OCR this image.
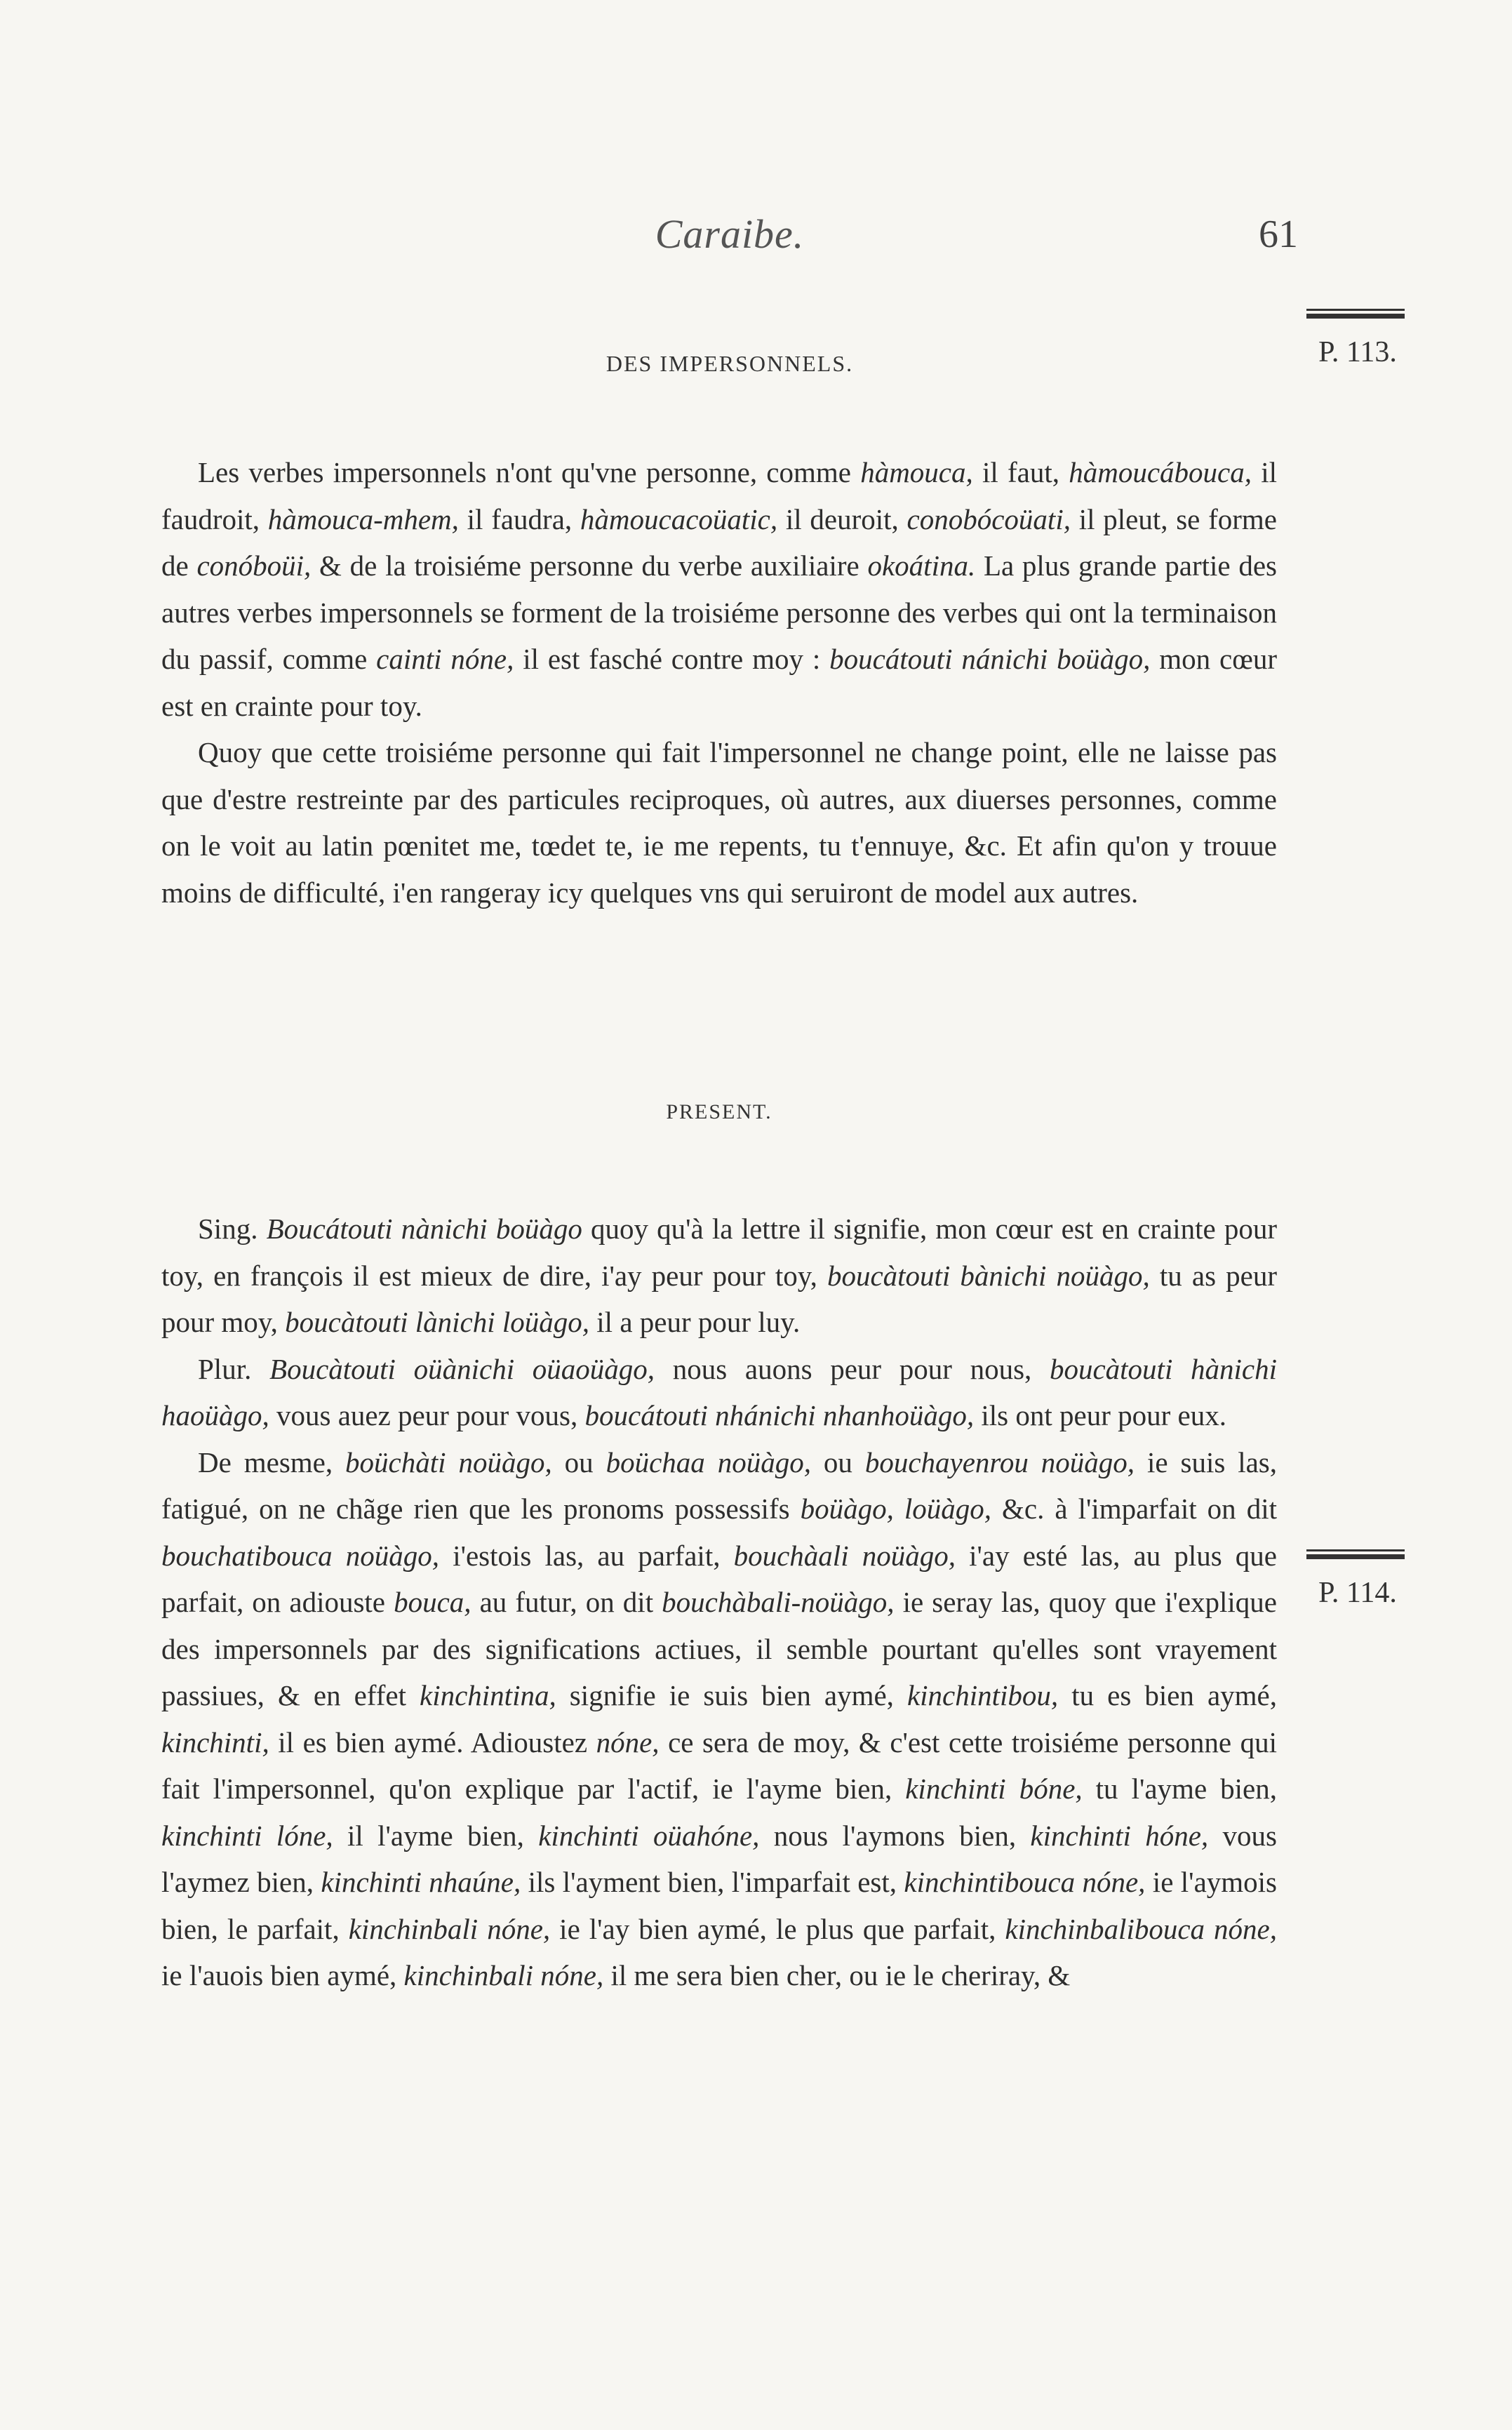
Caraibe.	61
P. 113.
DES IMPERSONNELS.

Les verbes impersonnels n'ont qu'vne personne, comme hàmouca, il faut, hàmoucábouca, il faudroit, hàmouca-mhem, il faudra, hàmoucacoüatic, il deuroit, conobócoüati, il pleut, se forme de conóboüi, & de la troisiéme personne du verbe auxiliaire okoátina. La plus grande partie des autres verbes impersonnels se forment de la troisiéme personne des verbes qui ont la terminaison du passif, comme cainti nóne, il est fasché contre moy : boucátouti nánichi boüàgo, mon cœur est en crainte pour toy.

Quoy que cette troisiéme personne qui fait l'impersonnel ne change point, elle ne laisse pas que d'estre restreinte par des particules reciproques, où autres, aux diuerses personnes, comme on le voit au latin pœnitet me, tœdet te, ie me repents, tu t'ennuye, &c. Et afin qu'on y trouue moins de difficulté, i'en rangeray icy quelques vns qui seruiront de model aux autres.

PRESENT.

Sing. Boucátouti nànichi boüàgo quoy qu'à la lettre il signifie, mon cœur est en crainte pour toy, en françois il est mieux de dire, i'ay peur pour toy, boucàtouti bànichi noüàgo, tu as peur pour moy, boucàtouti lànichi loüàgo, il a peur pour luy.

Plur. Boucàtouti oüànichi oüaoüàgo, nous auons peur pour nous, boucàtouti hànichi haoüàgo, vous auez peur pour vous, boucátouti nhánichi nhanhoüàgo, ils ont peur pour eux.

De mesme, boüchàti noüàgo, ou boüchaa noüàgo, ou bouchayenrou noüàgo, ie suis las, fatigué, on ne chãge rien que les pronoms possessifs boüàgo, loüàgo, &c. à l'imparfait on dit bouchatibouca noüàgo, i'estois las, au parfait, bouchàali noüàgo, i'ay esté las, au plus que parfait, on adiouste bouca, au futur, on dit bouchàbali-noüàgo, ie seray las, quoy que i'explique des impersonnels par des significations actiues, il semble pourtant qu'elles sont vrayement passiues, & en effet kinchintina, signifie ie suis bien aymé, kinchintibou, tu es bien aymé, kinchinti, il es bien aymé. Adioustez nóne, ce sera de moy, & c'est cette troisiéme personne qui fait l'impersonnel, qu'on explique par l'actif, ie l'ayme bien, kinchinti bóne, tu l'ayme bien, kinchinti lóne, il l'ayme bien, kinchinti oüahóne, nous l'aymons bien, kinchinti hóne, vous l'aymez bien, kinchinti nhaúne, ils l'ayment bien, l'imparfait est, kinchintibouca nóne, ie l'aymois bien, le parfait, kinchinbali nóne, ie l'ay bien aymé, le plus que parfait, kinchinbalibouca nóne, ie l'auois bien aymé, kinchinbali nóne, il me sera bien cher, ou ie le cheriray, &

P. 114.
